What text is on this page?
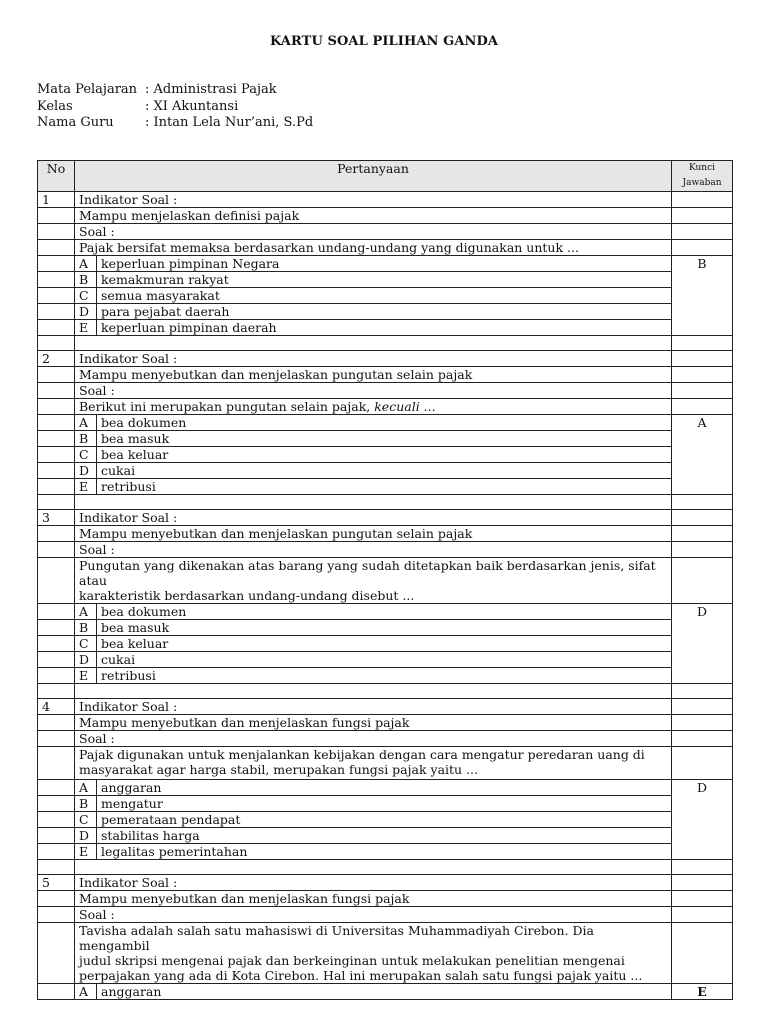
KARTU SOAL PILIHAN GANDA
Mata Pelajaran : Administrasi Pajak
Kelas	: XI Akuntansi
Nama Guru	: Intan Lela Nur’ani, S.Pd
No	Pertanyaan		Kunci Jawaban
1	Indikator Soal :		
	Mampu menjelaskan definisi pajak		
	Soal :		
	Pajak bersifat memaksa berdasarkan undang-undang yang digunakan untuk ...		
	A	keperluan pimpinan Negara	B
	B	kemakmuran rakyat	
	C	semua masyarakat	
	D	para pejabat daerah	
	E	keperluan pimpinan daerah	

2	Indikator Soal :		
	Mampu menyebutkan dan menjelaskan pungutan selain pajak		
	Soal :		
	Berikut ini merupakan pungutan selain pajak, kecuali ...		
	A	bea dokumen	A
	B	bea masuk	
	C	bea keluar	
	D	cukai	
	E	retribusi	

3	Indikator Soal :		
	Mampu menyebutkan dan menjelaskan pungutan selain pajak		
	Soal :		

	Pungutan yang dikenakan atas barang yang sudah ditetapkan baik berdasarkan jenis, sifat atau
karakteristik berdasarkan undang-undang disebut ...		

	A	bea dokumen	D
	B	bea masuk	
	C	bea keluar	
	D	cukai	
	E	retribusi	

4	Indikator Soal :		
	Mampu menyebutkan dan menjelaskan fungsi pajak		
	Soal :		

	Pajak digunakan untuk menjalankan kebijakan dengan cara mengatur peredaran uang di
masyarakat agar harga stabil, merupakan fungsi pajak yaitu ...		

	A	anggaran	D
	B	mengatur	
	C	pemerataan pendapat	
	D	stabilitas harga	
	E	legalitas pemerintahan	

5	Indikator Soal :		
	Mampu menyebutkan dan menjelaskan fungsi pajak		
	Soal :		

	Tavisha adalah salah satu mahasiswi di Universitas Muhammadiyah Cirebon. Dia mengambil
judul skripsi mengenai pajak dan berkeinginan untuk melakukan penelitian mengenai
perpajakan yang ada di Kota Cirebon. Hal ini merupakan salah satu fungsi pajak yaitu ...		

	A	anggaran	E
